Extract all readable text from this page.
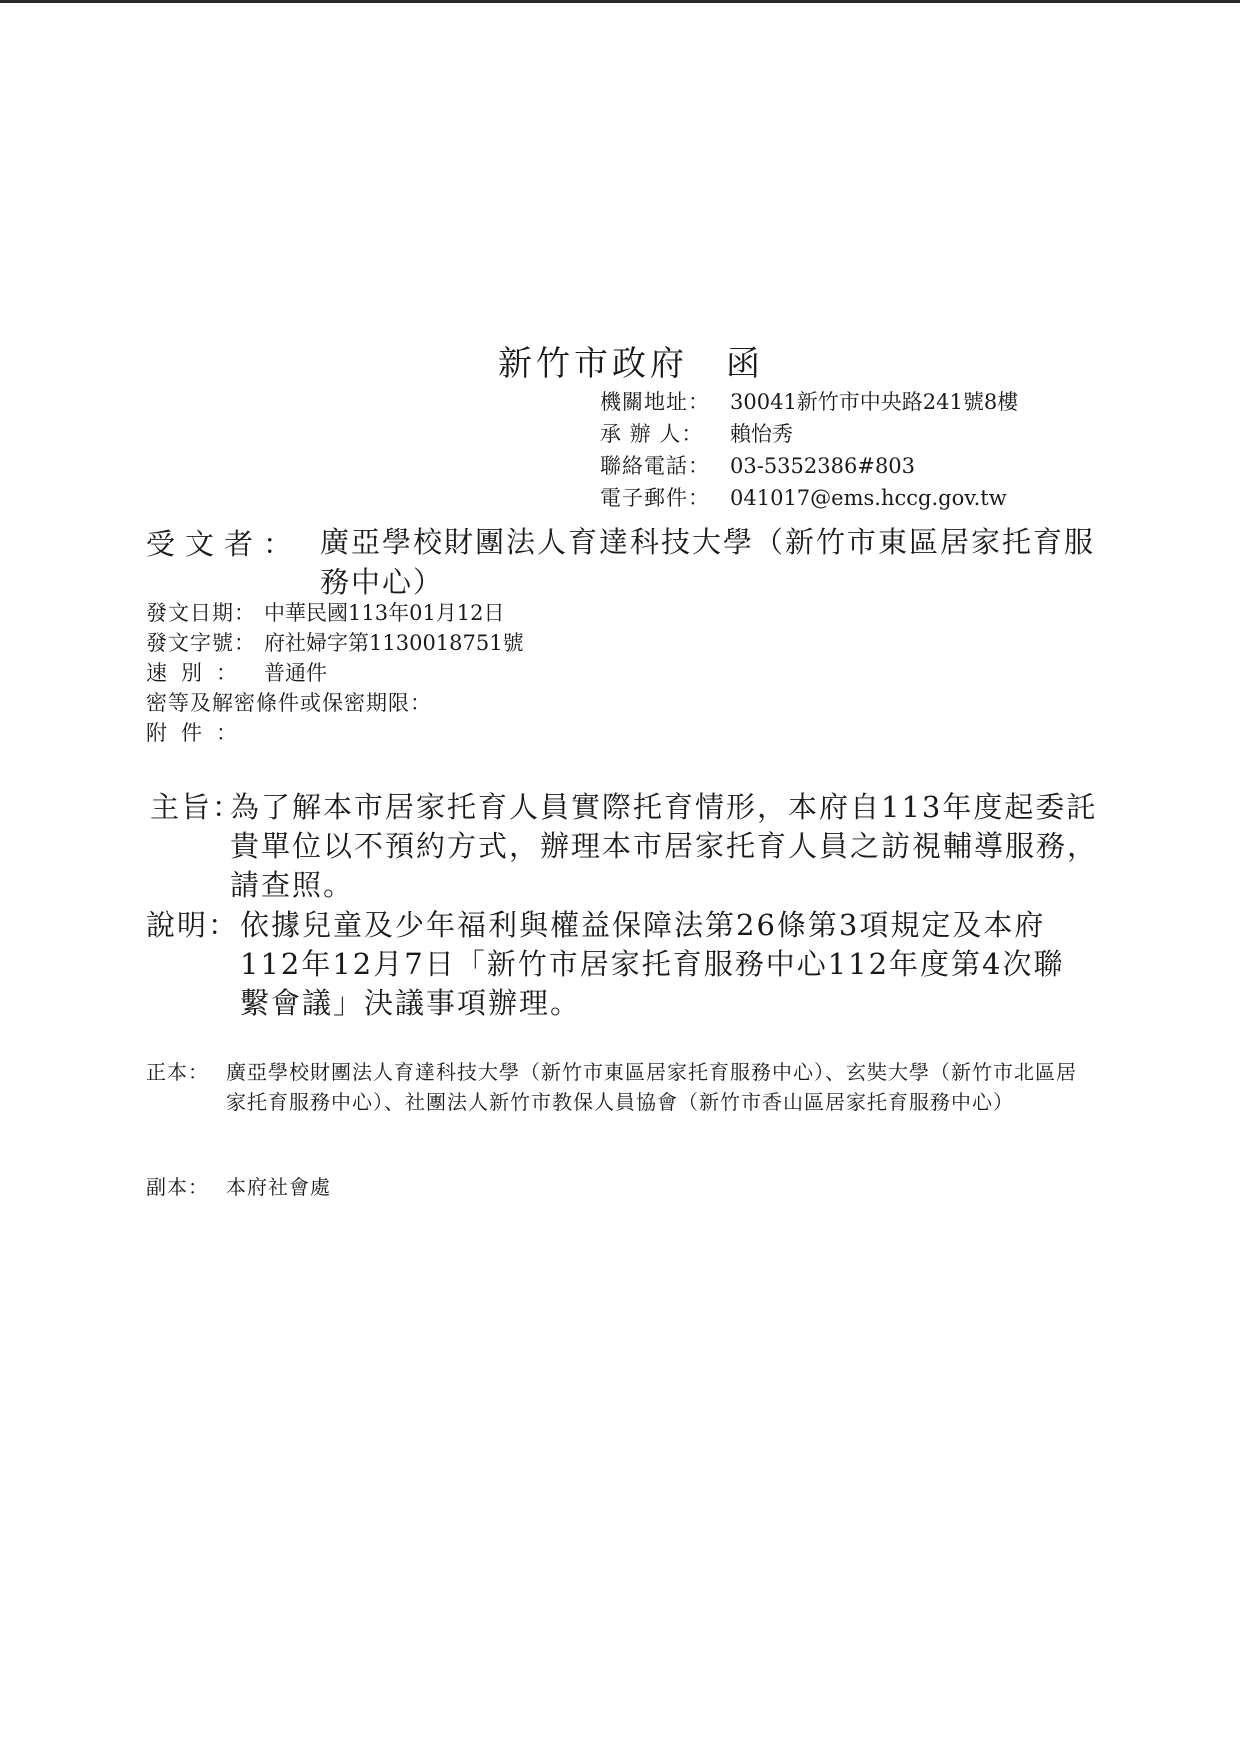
新竹市政府 函
機關地址： 30041新竹市中央路241號8樓
承 辦 人：	賴怡秀
聯絡電話： 03-5352386#803
電子郵件： 041017@ems.hccg.gov.tw
受文者： 廣亞學校財團法人育達科技大學（新竹市東區居家托育服務中心）
發文日期： 中華民國113年01月12日
發文字號： 府社婦字第1130018751號
速別： 普通件
密等及解密條件或保密期限：
附件：
主旨：
為了解本市居家托育人員實際托育情形，本府自113年度起委託貴單位以不預約方式，辦理本市居家托育人員之訪視輔導服務，請查照。
說明： 依據兒童及少年福利與權益保障法第26條第3項規定及本府112年12月7日「新竹市居家托育服務中心112年度第4次聯繫會議」決議事項辦理。
正本： 廣亞學校財團法人育達科技大學（新竹市東區居家托育服務中心）、玄奘大學（新竹市北區居家托育服務中心）、社團法人新竹市教保人員協會（新竹市香山區居家托育服務中心）
副本： 本府社會處
